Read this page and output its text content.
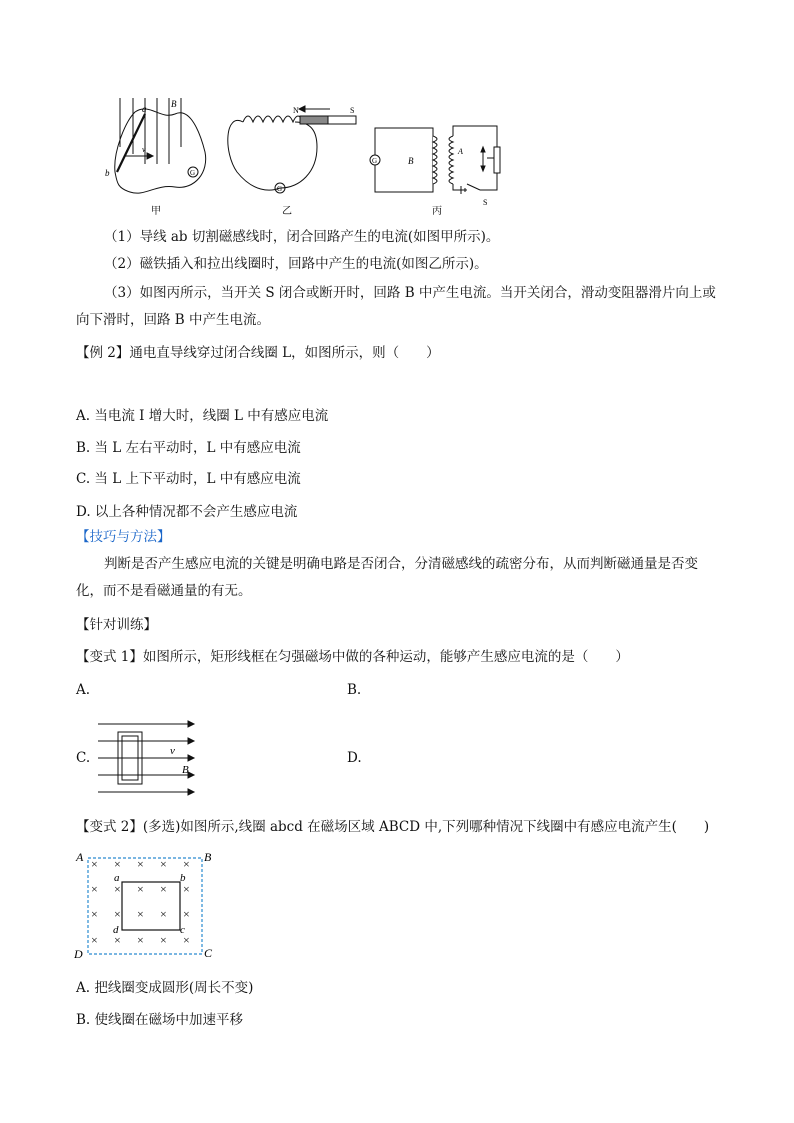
a
b
B
v
G
甲
N	S
G
乙
G	B
A
S
丙
（1）导线 ab 切割磁感线时，闭合回路产生的电流(如图甲所示)。
（2）磁铁插入和拉出线圈时，回路中产生的电流(如图乙所示)。
（3）如图丙所示，当开关 S 闭合或断开时，回路 B 中产生电流。当开关闭合，滑动变阻器滑片向上或
向下滑时，回路 B 中产生电流。
【例 2】通电直导线穿过闭合线圈 L，如图所示，则（　　）
A. 当电流 I 增大时，线圈 L 中有感应电流
B. 当 L 左右平动时，L 中有感应电流
C. 当 L 上下平动时，L 中有感应电流
D. 以上各种情况都不会产生感应电流
【技巧与方法】
判断是否产生感应电流的关键是明确电路是否闭合，分清磁感线的疏密分布，从而判断磁通量是否变
化，而不是看磁通量的有无。
【针对训练】
【变式 1】如图所示，矩形线框在匀强磁场中做的各种运动，能够产生感应电流的是（　　）
A.	B.
C.	D.
v
B
【变式 2】(多选)如图所示,线圈 abcd 在磁场区域 ABCD 中,下列哪种情况下线圈中有感应电流产生(　　)
× × × × ×
× × × × ×
× × × × ×
× × × × ×
A	B
C
D
a	b
c
d
A. 把线圈变成圆形(周长不变)
B. 使线圈在磁场中加速平移
